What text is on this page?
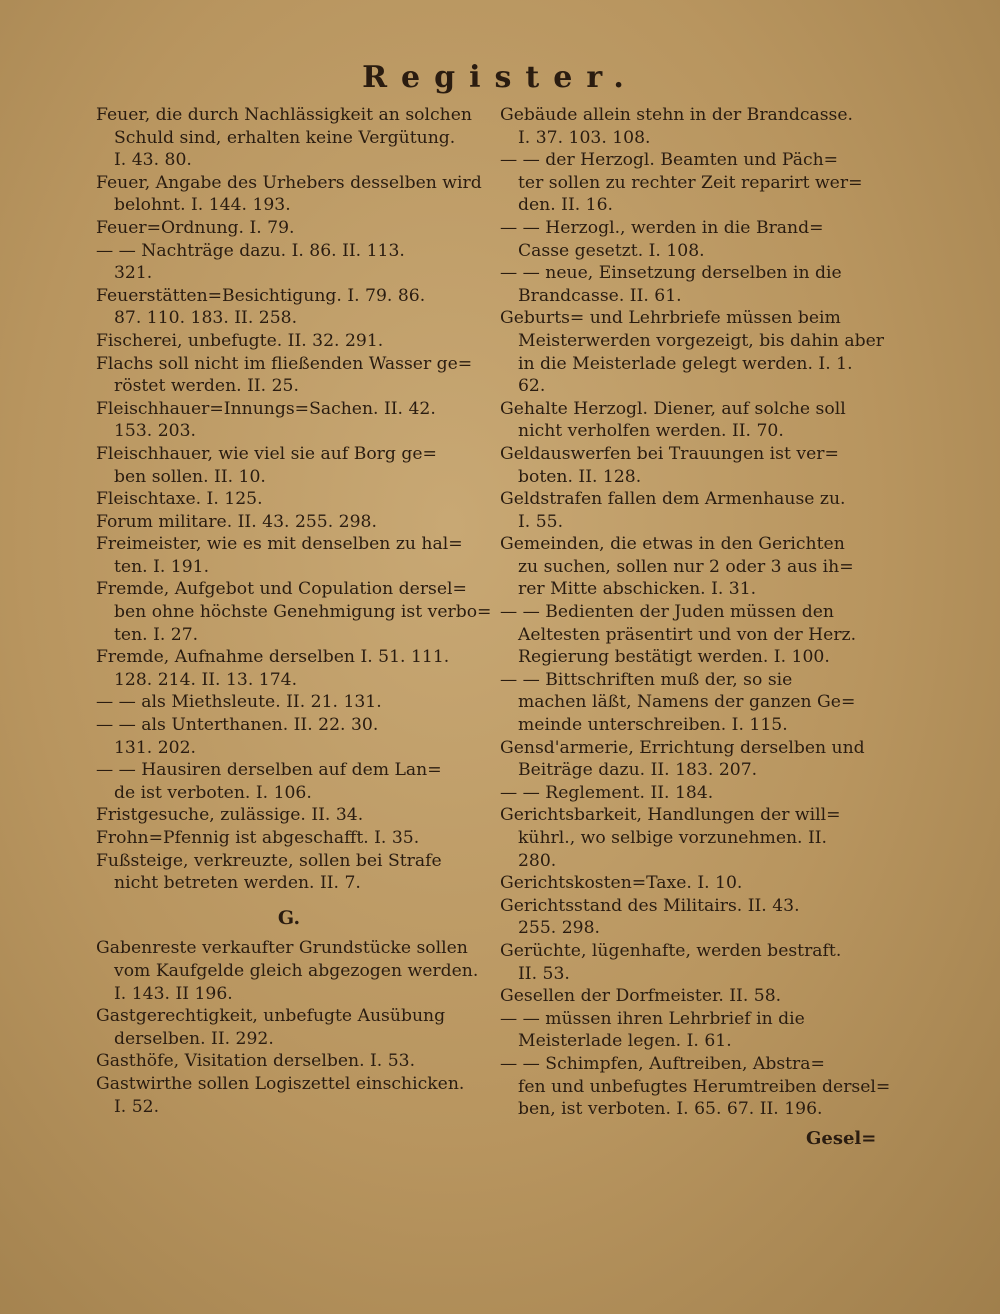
Register.
Feuer, die durch Nachlässigkeit an solchen
Schuld sind, erhalten keine Vergütung.
I. 43. 80.
Feuer, Angabe des Urhebers desselben wird
belohnt. I. 144. 193.
Feuer=Ordnung. I. 79.
— — Nachträge dazu. I. 86. II. 113.
321.
Feuerstätten=Besichtigung. I. 79. 86.
87. 110. 183. II. 258.
Fischerei, unbefugte. II. 32. 291.
Flachs soll nicht im fließenden Wasser ge=
röstet werden. II. 25.
Fleischhauer=Innungs=Sachen. II. 42.
153. 203.
Fleischhauer, wie viel sie auf Borg ge=
ben sollen. II. 10.
Fleischtaxe. I. 125.
Forum militare. II. 43. 255. 298.
Freimeister, wie es mit denselben zu hal=
ten. I. 191.
Fremde, Aufgebot und Copulation dersel=
ben ohne höchste Genehmigung ist verbo=
ten. I. 27.
Fremde, Aufnahme derselben I. 51. 111.
128. 214. II. 13. 174.
— — als Miethsleute. II. 21. 131.
— — als Unterthanen. II. 22. 30.
131. 202.
— — Hausiren derselben auf dem Lan=
de ist verboten. I. 106.
Fristgesuche, zulässige. II. 34.
Frohn=Pfennig ist abgeschafft. I. 35.
Fußsteige, verkreuzte, sollen bei Strafe
nicht betreten werden. II. 7.
G.
Gabenreste verkaufter Grundstücke sollen
vom Kaufgelde gleich abgezogen werden.
I. 143. II 196.
Gastgerechtigkeit, unbefugte Ausübung
derselben. II. 292.
Gasthöfe, Visitation derselben. I. 53.
Gastwirthe sollen Logiszettel einschicken.
I. 52.
Gebäude allein stehn in der Brandcasse.
I. 37. 103. 108.
— — der Herzogl. Beamten und Päch=
ter sollen zu rechter Zeit reparirt wer=
den. II. 16.
— — Herzogl., werden in die Brand=
Casse gesetzt. I. 108.
— — neue, Einsetzung derselben in die
Brandcasse. II. 61.
Geburts= und Lehrbriefe müssen beim
Meisterwerden vorgezeigt, bis dahin aber
in die Meisterlade gelegt werden. I. 1.
62.
Gehalte Herzogl. Diener, auf solche soll
nicht verholfen werden. II. 70.
Geldauswerfen bei Trauungen ist ver=
boten. II. 128.
Geldstrafen fallen dem Armenhause zu.
I. 55.
Gemeinden, die etwas in den Gerichten
zu suchen, sollen nur 2 oder 3 aus ih=
rer Mitte abschicken. I. 31.
— — Bedienten der Juden müssen den
Aeltesten präsentirt und von der Herz.
Regierung bestätigt werden. I. 100.
— — Bittschriften muß der, so sie
machen läßt, Namens der ganzen Ge=
meinde unterschreiben. I. 115.
Gensd'armerie, Errichtung derselben und
Beiträge dazu. II. 183. 207.
— — Reglement. II. 184.
Gerichtsbarkeit, Handlungen der will=
kührl., wo selbige vorzunehmen. II.
280.
Gerichtskosten=Taxe. I. 10.
Gerichtsstand des Militairs. II. 43.
255. 298.
Gerüchte, lügenhafte, werden bestraft.
II. 53.
Gesellen der Dorfmeister. II. 58.
— — müssen ihren Lehrbrief in die
Meisterlade legen. I. 61.
— — Schimpfen, Auftreiben, Abstra=
fen und unbefugtes Herumtreiben dersel=
ben, ist verboten. I. 65. 67. II. 196.
Gesel=
